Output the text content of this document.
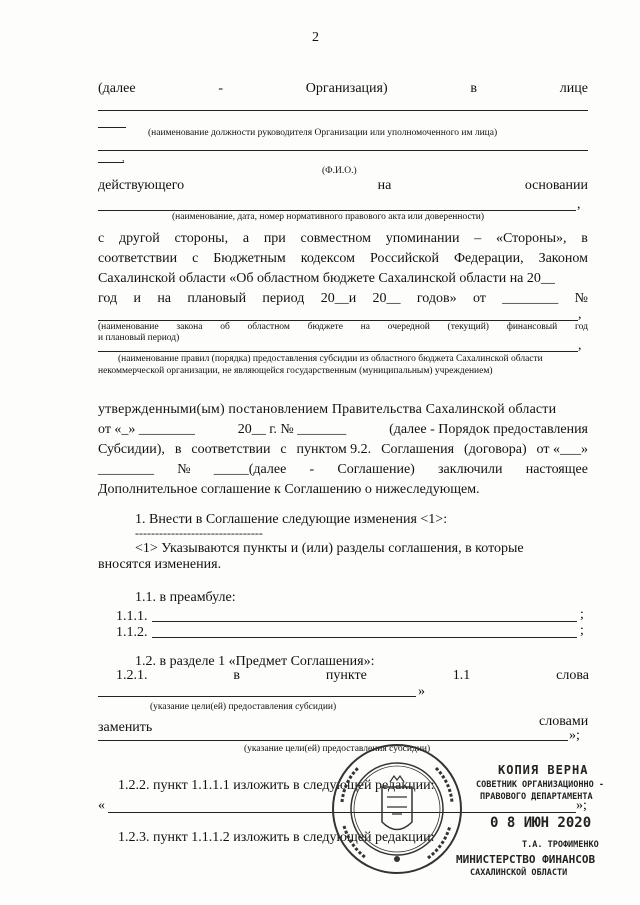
2
(далее	-	Организация)	в	лице
(наименование должности руководителя Организации или уполномоченного им лица)
,
(Ф.И.О.)
действующего	на	основании
,
(наименование, дата, номер нормативного правового акта или доверенности)
с другой стороны, а при совместном упоминании – «Стороны», в
соответствии с Бюджетным кодексом Российской Федерации, Законом
Сахалинской области «Об областном бюджете Сахалинской области на 20__
год и на плановый период 20__и 20__ годов» от ________ №
,
(наименование закона об областном бюджете на очередной (текущий) финансовый год
и плановый период)	,
(наименование правил (порядка) предоставления субсидии из областного бюджета Сахалинской области
некоммерческой организации, не являющейся государственным (муниципальным) учреждением)
утвержденными(ым) постановлением Правительства Сахалинской области
от «_» ________	20__ г. № _______	(далее - Порядок предоставления
Субсидии), в соответствии с пунктом 9.2. Соглашения (договора) от «___»
________ № _____(далее - Соглашение) заключили настоящее
Дополнительное соглашение к Соглашению о нижеследующем.
1. Внести в Соглашение следующие изменения <1>:
--------------------------------
<1> Указываются пункты и (или) разделы соглашения, в которые
вносятся изменения.
1.1. в преамбуле:
1.1.1.	;
1.1.2.	;
1.2. в разделе 1 «Предмет Соглашения»:
1.2.1.	в	пункте	1.1	слова
»
(указание цели(ей) предоставления субсидии)
словами
заменить
»;
(указание цели(ей) предоставления субсидии)
1.2.2. пункт 1.1.1.1 изложить в следующей редакции:
«	»;
1.2.3. пункт 1.1.1.2 изложить в следующей редакции:
КОПИЯ ВЕРНА
СОВЕТНИК ОРГАНИЗАЦИОННО -
ПРАВОВОГО ДЕПАРТАМЕНТА
0 8 ИЮН 2020
Т.А. ТРОФИМЕНКО
МИНИСТЕРСТВО ФИНАНСОВ
САХАЛИНСКОЙ ОБЛАСТИ
